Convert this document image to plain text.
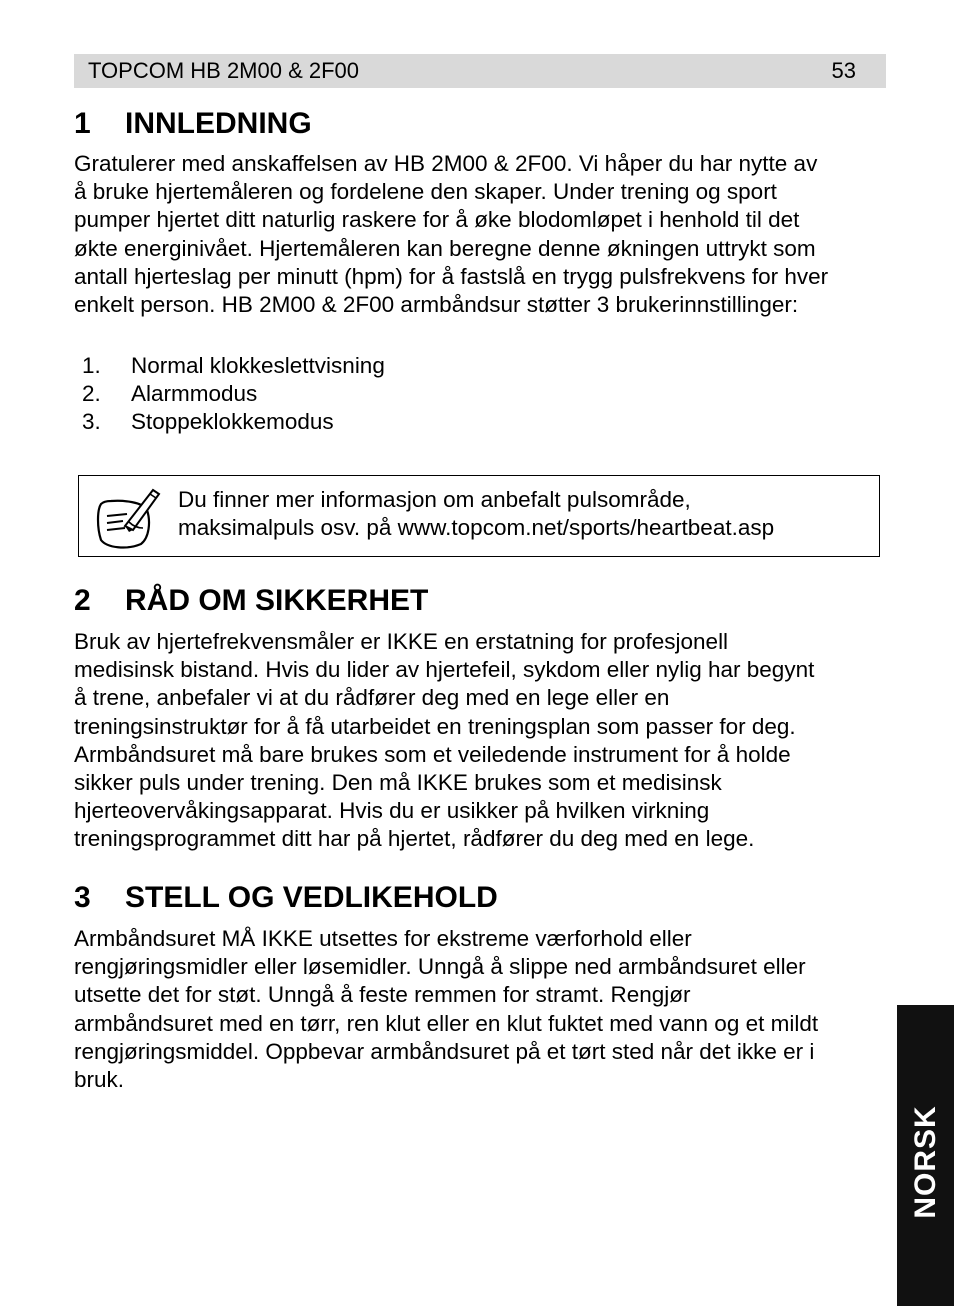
TOPCOM HB 2M00 & 2F00	53
1 INNLEDNING
Gratulerer med anskaffelsen av HB 2M00 & 2F00. Vi håper du har nytte av
å bruke hjertemåleren og fordelene den skaper. Under trening og sport
pumper hjertet ditt naturlig raskere for å øke blodomløpet i henhold til det
økte energinivået. Hjertemåleren kan beregne denne økningen uttrykt som
antall hjerteslag per minutt (hpm) for å fastslå en trygg pulsfrekvens for hver
enkelt person. HB 2M00 & 2F00 armbåndsur støtter 3 brukerinnstillinger:
1. Normal klokkeslettvisning
2. Alarmmodus
3. Stoppeklokkemodus
Du finner mer informasjon om anbefalt pulsområde,
maksimalpuls osv. på www.topcom.net/sports/heartbeat.asp
2 RÅD OM SIKKERHET
Bruk av hjertefrekvensmåler er IKKE en erstatning for profesjonell
medisinsk bistand. Hvis du lider av hjertefeil, sykdom eller nylig har begynt
å trene, anbefaler vi at du rådfører deg med en lege eller en
treningsinstruktør for å få utarbeidet en treningsplan som passer for deg.
Armbåndsuret må bare brukes som et veiledende instrument for å holde
sikker puls under trening. Den må IKKE brukes som et medisinsk
hjerteovervåkingsapparat. Hvis du er usikker på hvilken virkning
treningsprogrammet ditt har på hjertet, rådfører du deg med en lege.
3 STELL OG VEDLIKEHOLD
Armbåndsuret MÅ IKKE utsettes for ekstreme værforhold eller
rengjøringsmidler eller løsemidler. Unngå å slippe ned armbåndsuret eller
utsette det for støt. Unngå å feste remmen for stramt. Rengjør
armbåndsuret med en tørr, ren klut eller en klut fuktet med vann og et mildt
rengjøringsmiddel. Oppbevar armbåndsuret på et tørt sted når det ikke er i
bruk.
NORSK
